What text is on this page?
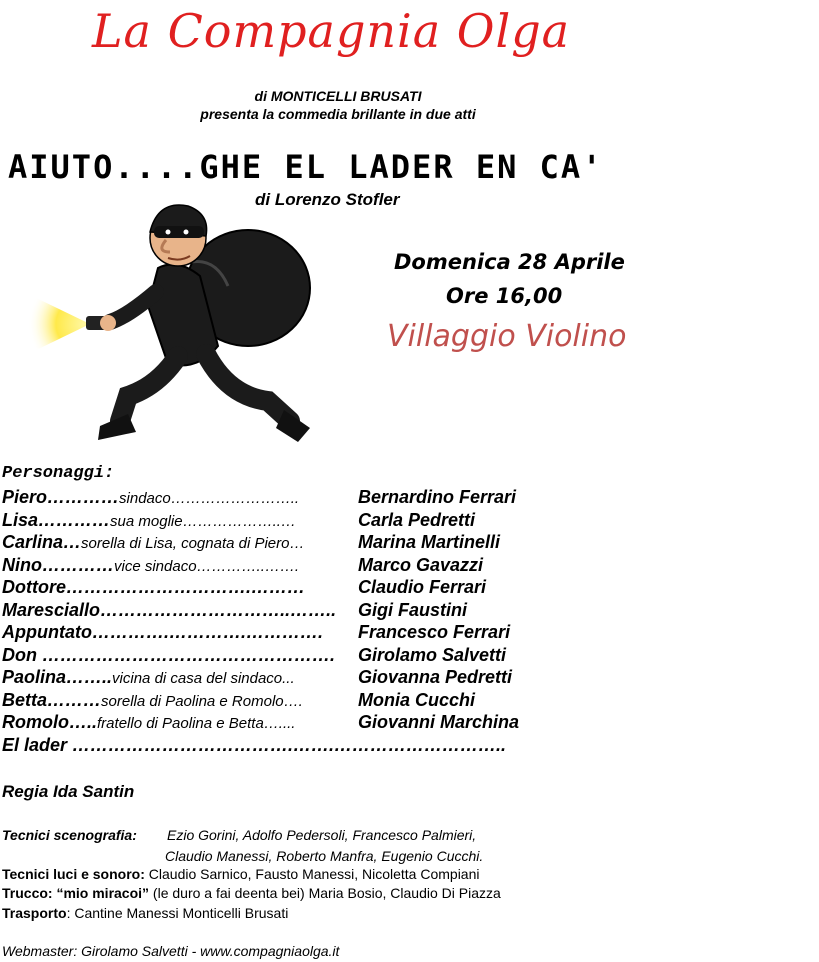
La Compagnia Olga
di MONTICELLI BRUSATI
presenta la commedia brillante in due atti
AIUTO....GHE EL LADER EN CA'
di Lorenzo Stofler
Domenica 28 Aprile
Ore 16,00
Villaggio Violino
Personaggi:
Piero…………sindaco……………………..	Bernardino Ferrari
Lisa…………sua moglie………………..…	Carla Pedretti
Carlina…sorella di Lisa, cognata di Piero…	Marina Martinelli
Nino…………vice sindaco…………..…….	Marco Gavazzi
Dottore………………………….………	Claudio Ferrari
Maresciallo…………………………..…….. Gigi Faustini
Appuntato………….………….…………. Francesco Ferrari
Don …………………………………………. Girolamo Salvetti
Paolina……..vicina di casa del sindaco...	Giovanna Pedretti
Betta………sorella di Paolina e Romolo….	Monia Cucchi
Romolo…..fratello di Paolina e Betta…....	Giovanni Marchina
El lader ……………………………….…….………………………..
Regia Ida Santin
Tecnici scenografia: Ezio Gorini, Adolfo Pedersoli, Francesco Palmieri,
Claudio Manessi, Roberto Manfra, Eugenio Cucchi.
Tecnici luci e sonoro: Claudio Sarnico, Fausto Manessi, Nicoletta Compiani
Trucco: “mio miracoi” (le duro a fai deenta bei) Maria Bosio, Claudio Di Piazza
Trasporto: Cantine Manessi Monticelli Brusati
Webmaster: Girolamo Salvetti - www.compagniaolga.it
